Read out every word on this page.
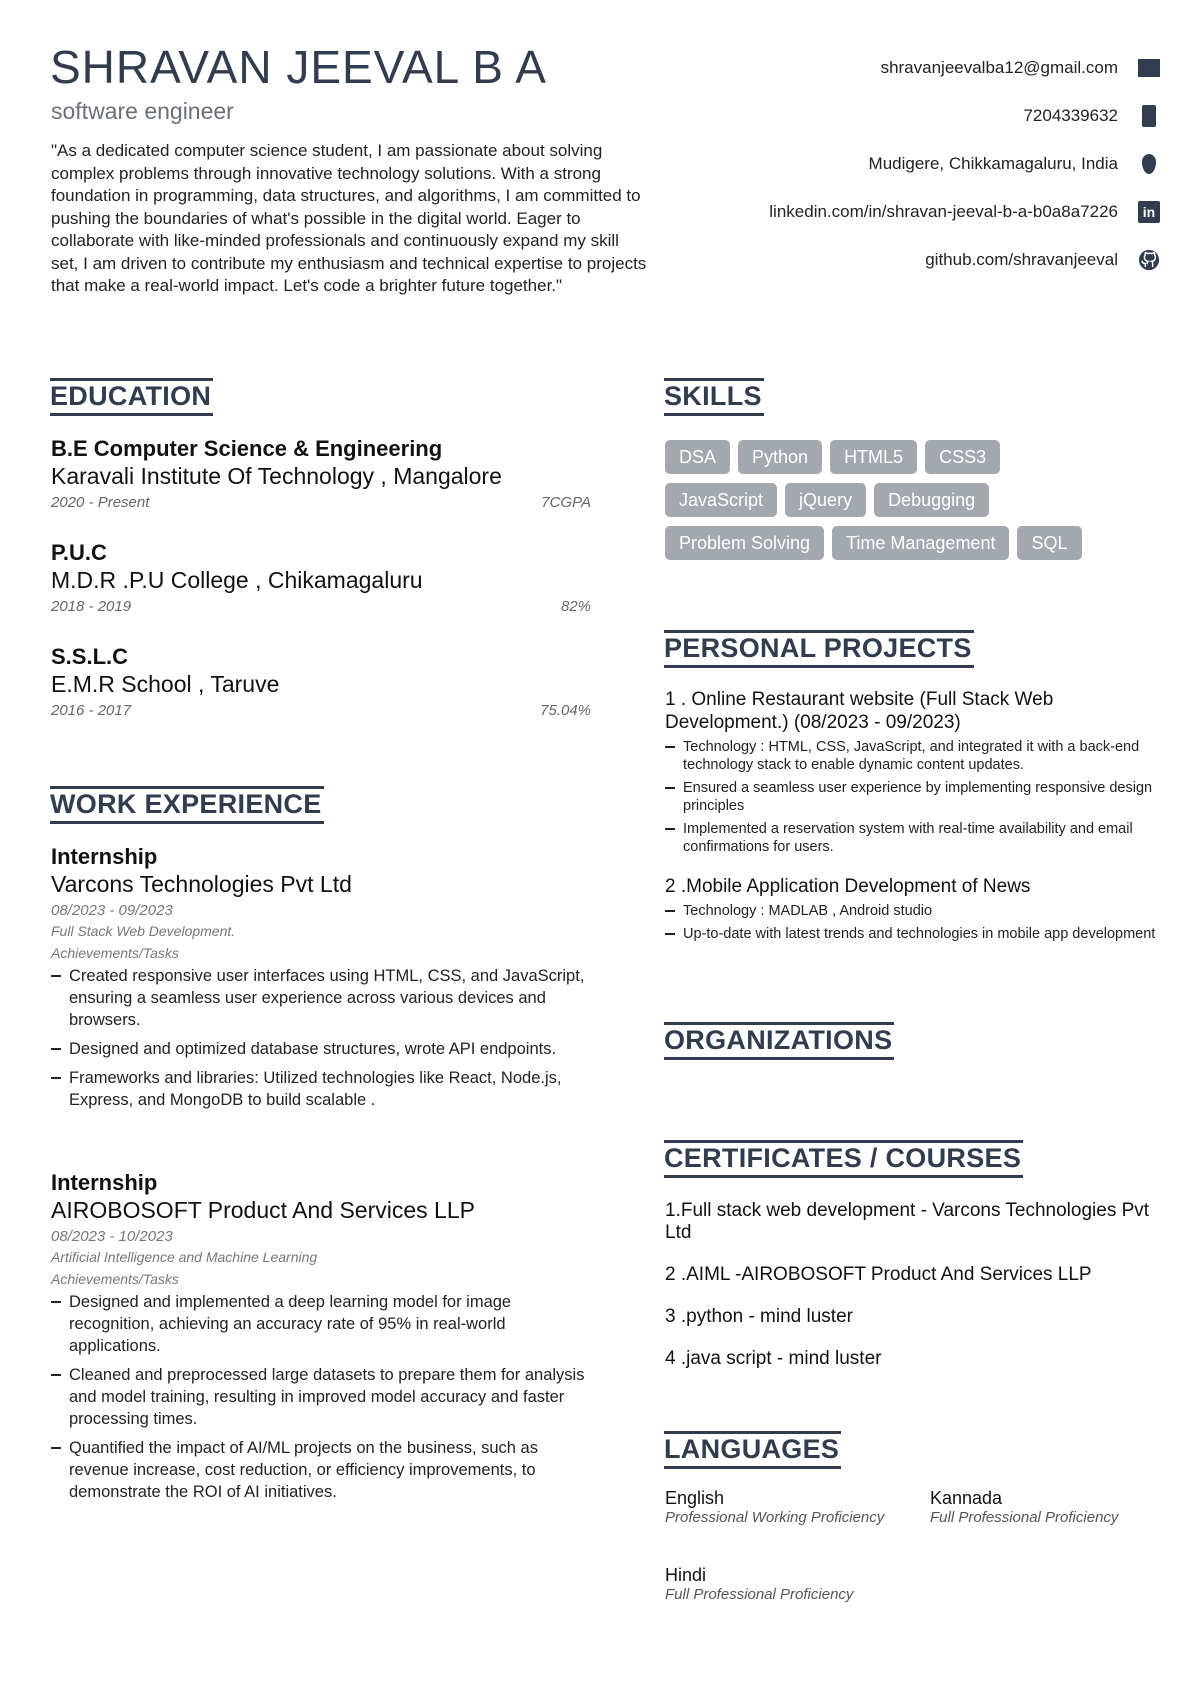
SHRAVAN JEEVAL B A
software engineer

"As a dedicated computer science student, I am passionate about solving complex problems through innovative technology solutions. With a strong foundation in programming, data structures, and algorithms, I am committed to pushing the boundaries of what's possible in the digital world. Eager to collaborate with like-minded professionals and continuously expand my skill set, I am driven to contribute my enthusiasm and technical expertise to projects that make a real-world impact. Let's code a brighter future together."

shravanjeevalba12@gmail.com
7204339632
Mudigere, Chikkamagaluru, India
linkedin.com/in/shravan-jeeval-b-a-b0a8a7226	in
github.com/shravanjeeval
EDUCATION
B.E Computer Science & Engineering
Karavali Institute Of Technology , Mangalore
2020 - Present	7CGPA
P.U.C
M.D.R .P.U College , Chikamagaluru
2018 - 2019	82%
S.S.L.C
E.M.R School , Taruve
2016 - 2017	75.04%
WORK EXPERIENCE
Internship
Varcons Technologies Pvt Ltd
08/2023 - 09/2023
Full Stack Web Development.
Achievements/Tasks
Created responsive user interfaces using HTML, CSS, and JavaScript, ensuring a seamless user experience across various devices and browsers.
Designed and optimized database structures, wrote API endpoints.
Frameworks and libraries: Utilized technologies like React, Node.js, Express, and MongoDB to build scalable .
Internship
AIROBOSOFT Product And Services LLP
08/2023 - 10/2023
Artificial Intelligence and Machine Learning
Achievements/Tasks
Designed and implemented a deep learning model for image recognition, achieving an accuracy rate of 95% in real-world applications.
Cleaned and preprocessed large datasets to prepare them for analysis and model training, resulting in improved model accuracy and faster processing times.
Quantified the impact of AI/ML projects on the business, such as revenue increase, cost reduction, or efficiency improvements, to demonstrate the ROI of AI initiatives.
SKILLS
DSA	Python	HTML5	CSS3
JavaScript	jQuery	Debugging
Problem Solving	Time Management	SQL
PERSONAL PROJECTS
1 . Online Restaurant website (Full Stack Web Development.) (08/2023 - 09/2023)
Technology : HTML, CSS, JavaScript, and integrated it with a back-end technology stack to enable dynamic content updates.
Ensured a seamless user experience by implementing responsive design principles
Implemented a reservation system with real-time availability and email confirmations for users.
2 .Mobile Application Development of News
Technology : MADLAB , Android studio
Up-to-date with latest trends and technologies in mobile app development
ORGANIZATIONS
CERTIFICATES / COURSES
1.Full stack web development - Varcons Technologies Pvt Ltd
2 .AIML -AIROBOSOFT Product And Services LLP
3 .python - mind luster
4 .java script - mind luster
LANGUAGES
English
Professional Working Proficiency
Kannada
Full Professional Proficiency
Hindi
Full Professional Proficiency
